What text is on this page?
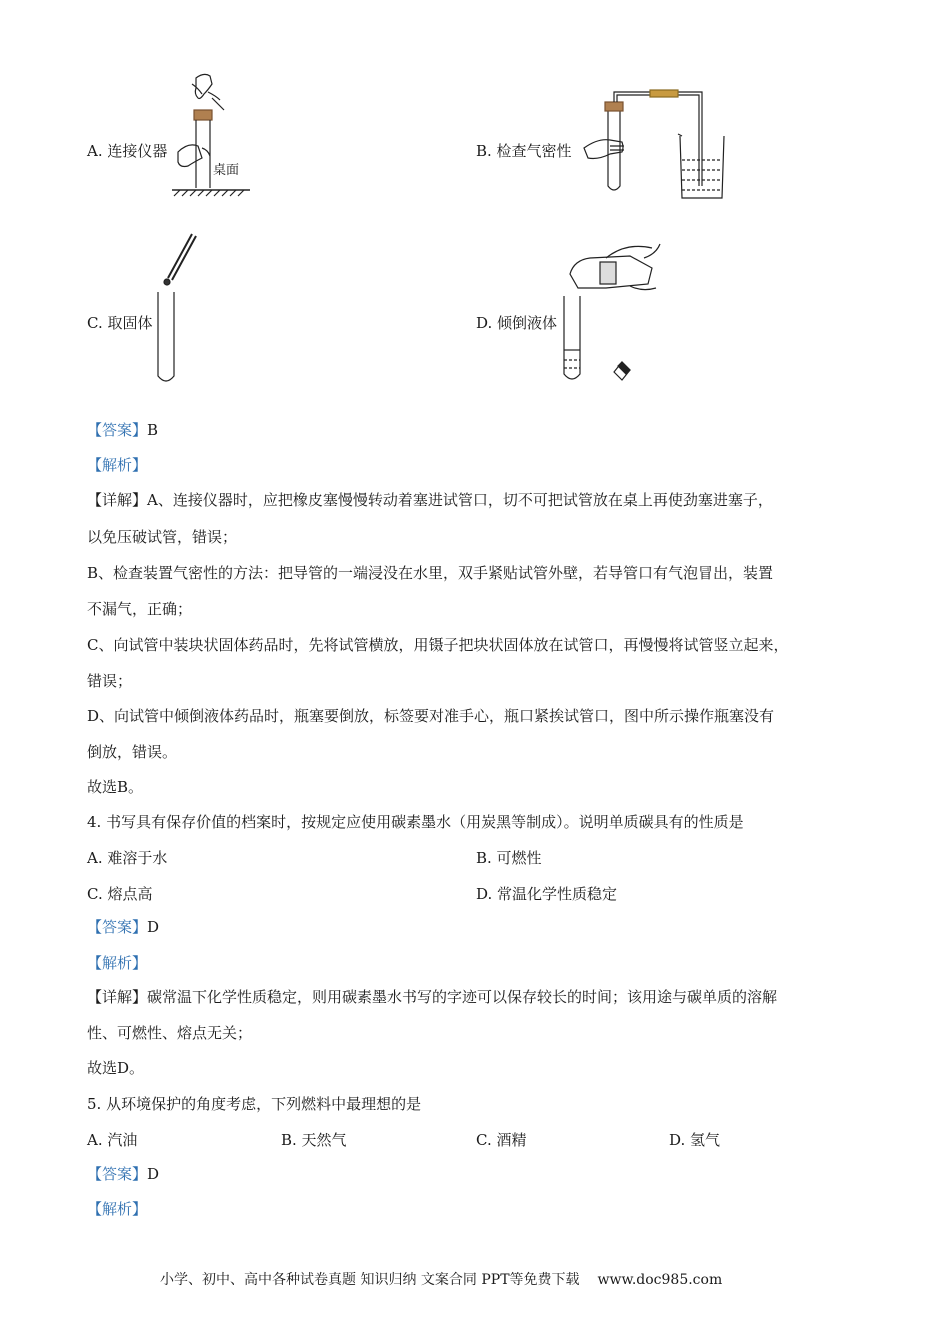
A. 连接仪器
桌面
B. 检查气密性
C. 取固体	D. 倾倒液体
【答案】B
【解析】
【详解】A、连接仪器时，应把橡皮塞慢慢转动着塞进试管口，切不可把试管放在桌上再使劲塞进塞子，
以免压破试管，错误；
B、检查装置气密性的方法：把导管的一端浸没在水里，双手紧贴试管外壁，若导管口有气泡冒出，装置
不漏气，正确；
C、向试管中装块状固体药品时，先将试管横放，用镊子把块状固体放在试管口，再慢慢将试管竖立起来，
错误；
D、向试管中倾倒液体药品时，瓶塞要倒放，标签要对准手心，瓶口紧挨试管口，图中所示操作瓶塞没有
倒放，错误。
故选B。
4. 书写具有保存价值的档案时，按规定应使用碳素墨水（用炭黑等制成）。说明单质碳具有的性质是
A. 难溶于水	B. 可燃性
C. 熔点高	D. 常温化学性质稳定
【答案】D
【解析】
【详解】碳常温下化学性质稳定，则用碳素墨水书写的字迹可以保存较长的时间；该用途与碳单质的溶解
性、可燃性、熔点无关；
故选D。
5. 从环境保护的角度考虑，下列燃料中最理想的是
A. 汽油	B. 天然气	C. 酒精	D. 氢气
【答案】D
【解析】
小学、初中、高中各种试卷真题 知识归纳 文案合同 PPT等免费下载 www.doc985.com
